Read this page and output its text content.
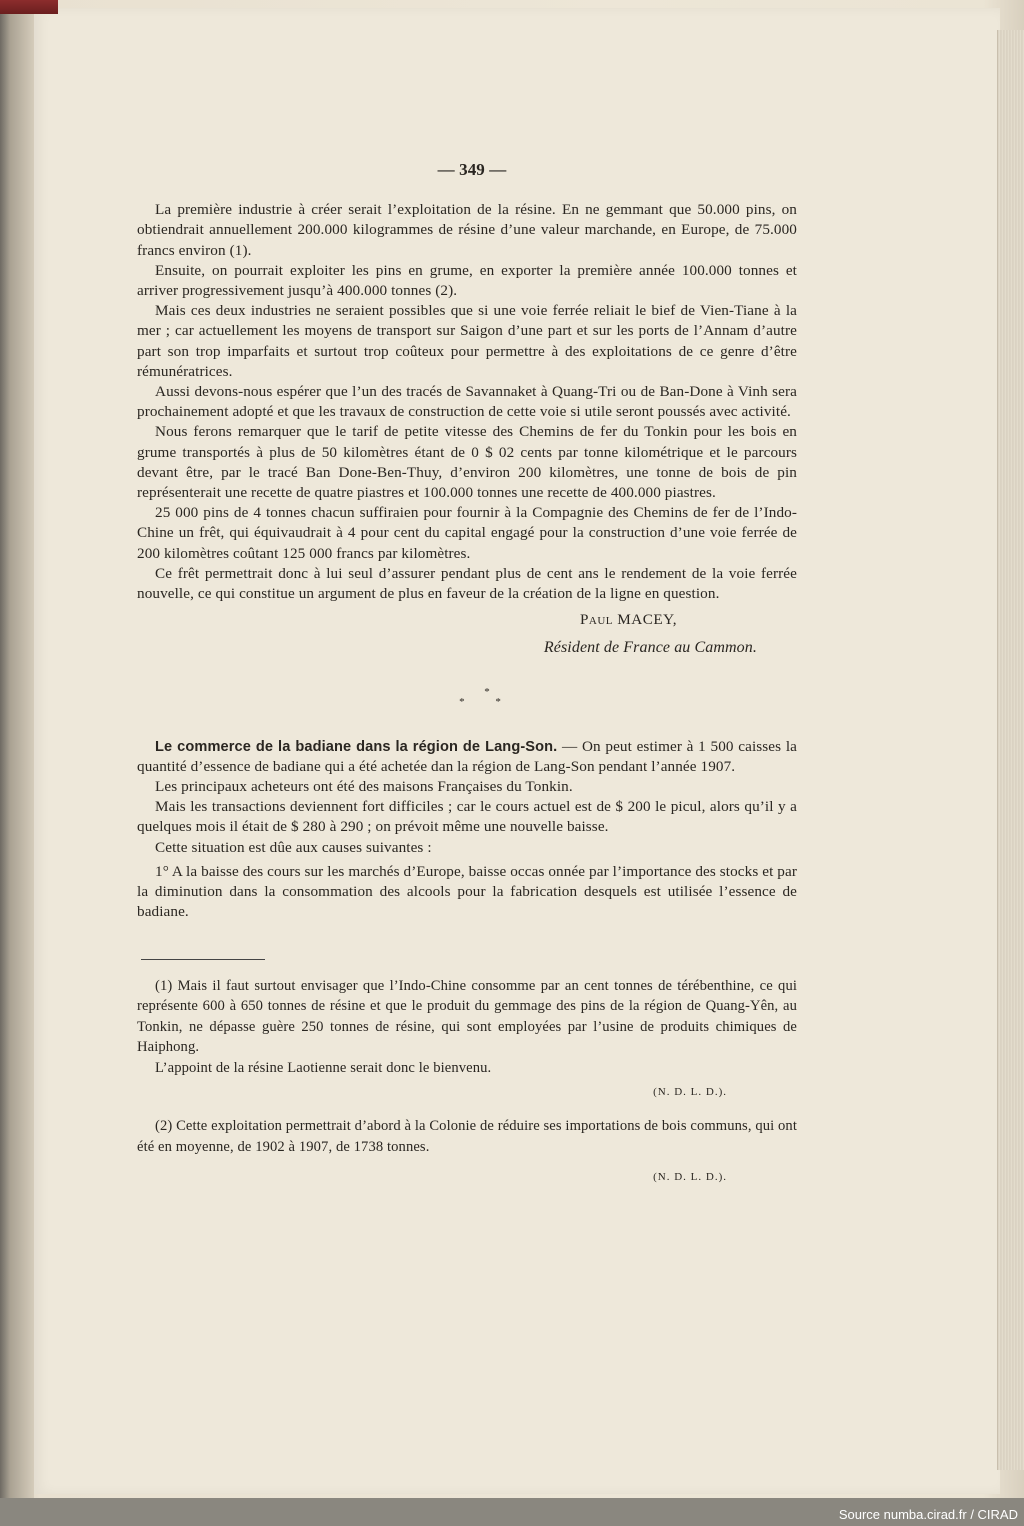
— 349 —

La première industrie à créer serait l’exploitation de la résine. En ne gemmant que 50.000 pins, on obtiendrait annuellement 200.000 kilogrammes de résine d’une valeur marchande, en Europe, de 75.000 francs environ (1).

Ensuite, on pourrait exploiter les pins en grume, en exporter la première année 100.000 tonnes et arriver progressivement jusqu’à 400.000 tonnes (2).

Mais ces deux industries ne seraient possibles que si une voie ferrée reliait le bief de Vien-Tiane à la mer ; car actuellement les moyens de transport sur Saigon d’une part et sur les ports de l’Annam d’autre part son trop imparfaits et surtout trop coûteux pour permettre à des exploitations de ce genre d’être rémunératrices.

Aussi devons-nous espérer que l’un des tracés de Savannaket à Quang-Tri ou de Ban-Done à Vinh sera prochainement adopté et que les travaux de construction de cette voie si utile seront poussés avec activité.

Nous ferons remarquer que le tarif de petite vitesse des Chemins de fer du Tonkin pour les bois en grume transportés à plus de 50 kilomètres étant de 0 $ 02 cents par tonne kilométrique et le parcours devant être, par le tracé Ban Done-Ben-Thuy, d’environ 200 kilomètres, une tonne de bois de pin représenterait une recette de quatre piastres et 100.000 tonnes une recette de 400.000 piastres.

25 000 pins de 4 tonnes chacun suffiraien pour fournir à la Compagnie des Chemins de fer de l’Indo-Chine un frêt, qui équivaudrait à 4 pour cent du capital engagé pour la construction d’une voie ferrée de 200 kilomètres coûtant 125 000 francs par kilomètres.

Ce frêt permettrait donc à lui seul d’assurer pendant plus de cent ans le rendement de la voie ferrée nouvelle, ce qui constitue un argument de plus en faveur de la création de la ligne en question.

Paul MACEY,

Résident de France au Cammon.

*
* *

Le commerce de la badiane dans la région de Lang-Son. — On peut estimer à 1 500 caisses la quantité d’essence de badiane qui a été achetée dan la région de Lang-Son pendant l’année 1907.

Les principaux acheteurs ont été des maisons Françaises du Tonkin.

Mais les transactions deviennent fort difficiles ; car le cours actuel est de $ 200 le picul, alors qu’il y a quelques mois il était de $ 280 à 290 ; on prévoit même une nouvelle baisse.

Cette situation est dûe aux causes suivantes :

1° A la baisse des cours sur les marchés d’Europe, baisse occas onnée par l’importance des stocks et par la diminution dans la consommation des alcools pour la fabrication desquels est utilisée l’essence de badiane.

(1) Mais il faut surtout envisager que l’Indo-Chine consomme par an cent tonnes de térébenthine, ce qui représente 600 à 650 tonnes de résine et que le produit du gemmage des pins de la région de Quang-Yên, au Tonkin, ne dépasse guère 250 tonnes de résine, qui sont employées par l’usine de produits chimiques de Haiphong.

L’appoint de la résine Laotienne serait donc le bienvenu.

(N. D. L. D.).

(2) Cette exploitation permettrait d’abord à la Colonie de réduire ses importations de bois communs, qui ont été en moyenne, de 1902 à 1907, de 1738 tonnes.

(N. D. L. D.).

Source numba.cirad.fr / CIRAD
